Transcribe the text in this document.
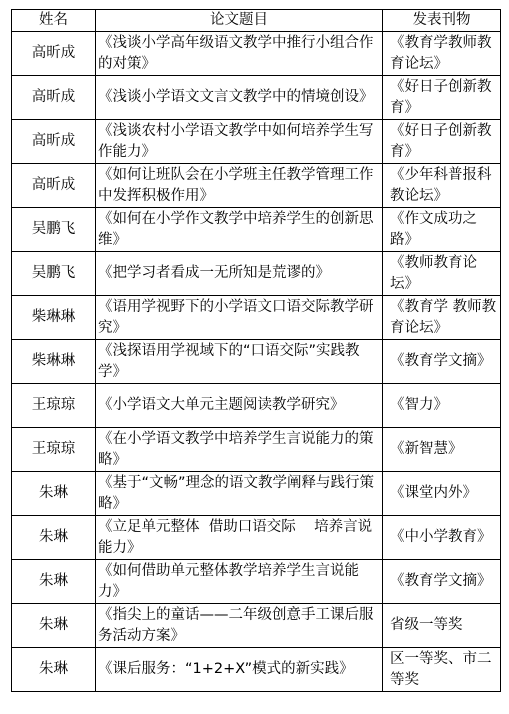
姓名	论文题目	发表刊物
高昕成	《浅谈小学高年级语文教学中推行小组合作的对策》	《教育学教师教育论坛》
高昕成	《浅谈小学语文文言文教学中的情境创设》	《好日子创新教育》
高昕成	《浅谈农村小学语文教学中如何培养学生写作能力》	《好日子创新教育》
高昕成	《如何让班队会在小学班主任教学管理工作中发挥积极作用》	《少年科普报科教论坛》
吴鹏飞	《如何在小学作文教学中培养学生的创新思维》	《作文成功之路》
吴鹏飞	《把学习者看成一无所知是荒谬的》	《教师教育论坛》
柴琳琳	《语用学视野下的小学语文口语交际教学研究》	《教育学 教师教育论坛》
柴琳琳	《浅探语用学视域下的“口语交际”实践教学》	《教育学文摘》
王琼琼	《小学语文大单元主题阅读教学研究》	《智力》
王琼琼	《在小学语文教学中培养学生言说能力的策略》	《新智慧》
朱琳	《基于“文畅”理念的语文教学阐释与践行策略》	《课堂内外》
朱琳	《立足单元整体  借助口语交际    培养言说能力》	《中小学教育》
朱琳	《如何借助单元整体教学培养学生言说能力》	《教育学文摘》
朱琳	《指尖上的童话——二年级创意手工课后服务活动方案》	省级一等奖
朱琳	《课后服务：“1+2+X”模式的新实践》	区一等奖、市二等奖
